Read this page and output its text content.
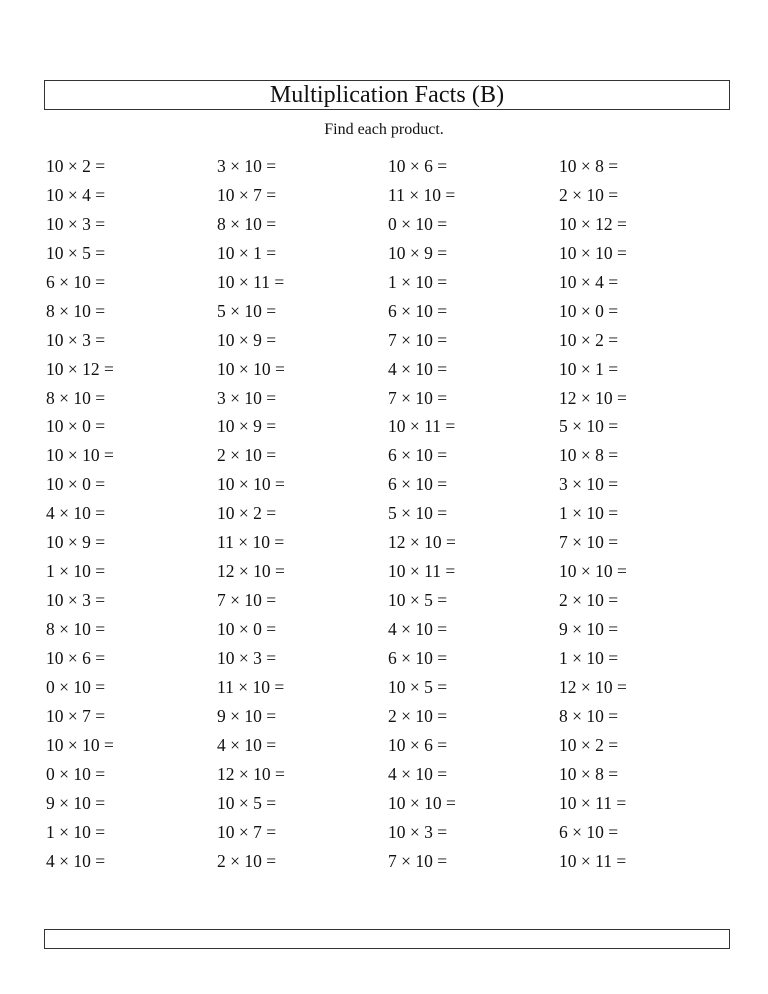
Multiplication Facts (B)
Find each product.
10 × 2 =	3 × 10 =	10 × 6 =	10 × 8 =
10 × 4 =	10 × 7 =	11 × 10 =	2 × 10 =
10 × 3 =	8 × 10 =	0 × 10 =	10 × 12 =
10 × 5 =	10 × 1 =	10 × 9 =	10 × 10 =
6 × 10 =	10 × 11 =	1 × 10 =	10 × 4 =
8 × 10 =	5 × 10 =	6 × 10 =	10 × 0 =
10 × 3 =	10 × 9 =	7 × 10 =	10 × 2 =
10 × 12 =	10 × 10 =	4 × 10 =	10 × 1 =
8 × 10 =	3 × 10 =	7 × 10 =	12 × 10 =
10 × 0 =	10 × 9 =	10 × 11 =	5 × 10 =
10 × 10 =	2 × 10 =	6 × 10 =	10 × 8 =
10 × 0 =	10 × 10 =	6 × 10 =	3 × 10 =
4 × 10 =	10 × 2 =	5 × 10 =	1 × 10 =
10 × 9 =	11 × 10 =	12 × 10 =	7 × 10 =
1 × 10 =	12 × 10 =	10 × 11 =	10 × 10 =
10 × 3 =	7 × 10 =	10 × 5 =	2 × 10 =
8 × 10 =	10 × 0 =	4 × 10 =	9 × 10 =
10 × 6 =	10 × 3 =	6 × 10 =	1 × 10 =
0 × 10 =	11 × 10 =	10 × 5 =	12 × 10 =
10 × 7 =	9 × 10 =	2 × 10 =	8 × 10 =
10 × 10 =	4 × 10 =	10 × 6 =	10 × 2 =
0 × 10 =	12 × 10 =	4 × 10 =	10 × 8 =
9 × 10 =	10 × 5 =	10 × 10 =	10 × 11 =
1 × 10 =	10 × 7 =	10 × 3 =	6 × 10 =
4 × 10 =	2 × 10 =	7 × 10 =	10 × 11 =
